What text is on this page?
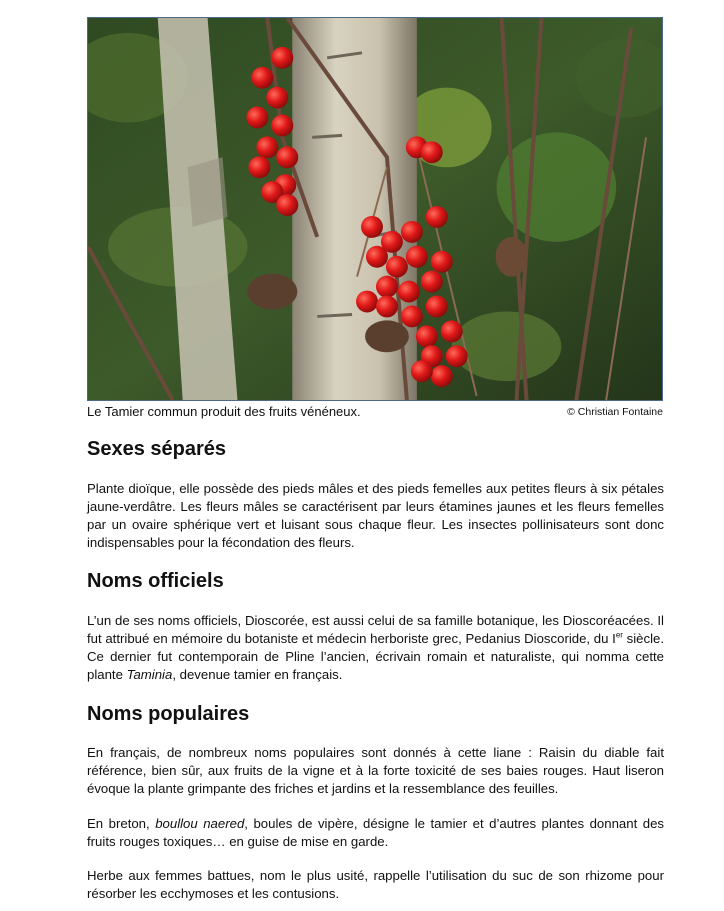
Le Tamier commun produit des fruits vénéneux.	© Christian Fontaine
Sexes séparés

Plante dioïque, elle possède des pieds mâles et des pieds femelles aux petites fleurs à six pétales jaune-verdâtre. Les fleurs mâles se caractérisent par leurs étamines jaunes et les fleurs femelles par un ovaire sphérique vert et luisant sous chaque fleur. Les insectes pollinisateurs sont donc indispensables pour la fécondation des fleurs.

Noms officiels

L’un de ses noms officiels, Dioscorée, est aussi celui de sa famille botanique, les Dioscoréacées. Il fut attribué en mémoire du botaniste et médecin herboriste grec, Pedanius Dioscoride, du Ier siècle. Ce dernier fut contemporain de Pline l’ancien, écrivain romain et naturaliste, qui nomma cette plante Taminia, devenue tamier en français.

Noms populaires

En français, de nombreux noms populaires sont donnés à cette liane : Raisin du diable fait référence, bien sûr, aux fruits de la vigne et à la forte toxicité de ses baies rouges. Haut liseron évoque la plante grimpante des friches et jardins et la ressemblance des feuilles.

En breton, boullou naered, boules de vipère, désigne le tamier et d’autres plantes donnant des fruits rouges toxiques… en guise de mise en garde.

Herbe aux femmes battues, nom le plus usité, rappelle l’utilisation du suc de son rhizome pour résorber les ecchymoses et les contusions.
